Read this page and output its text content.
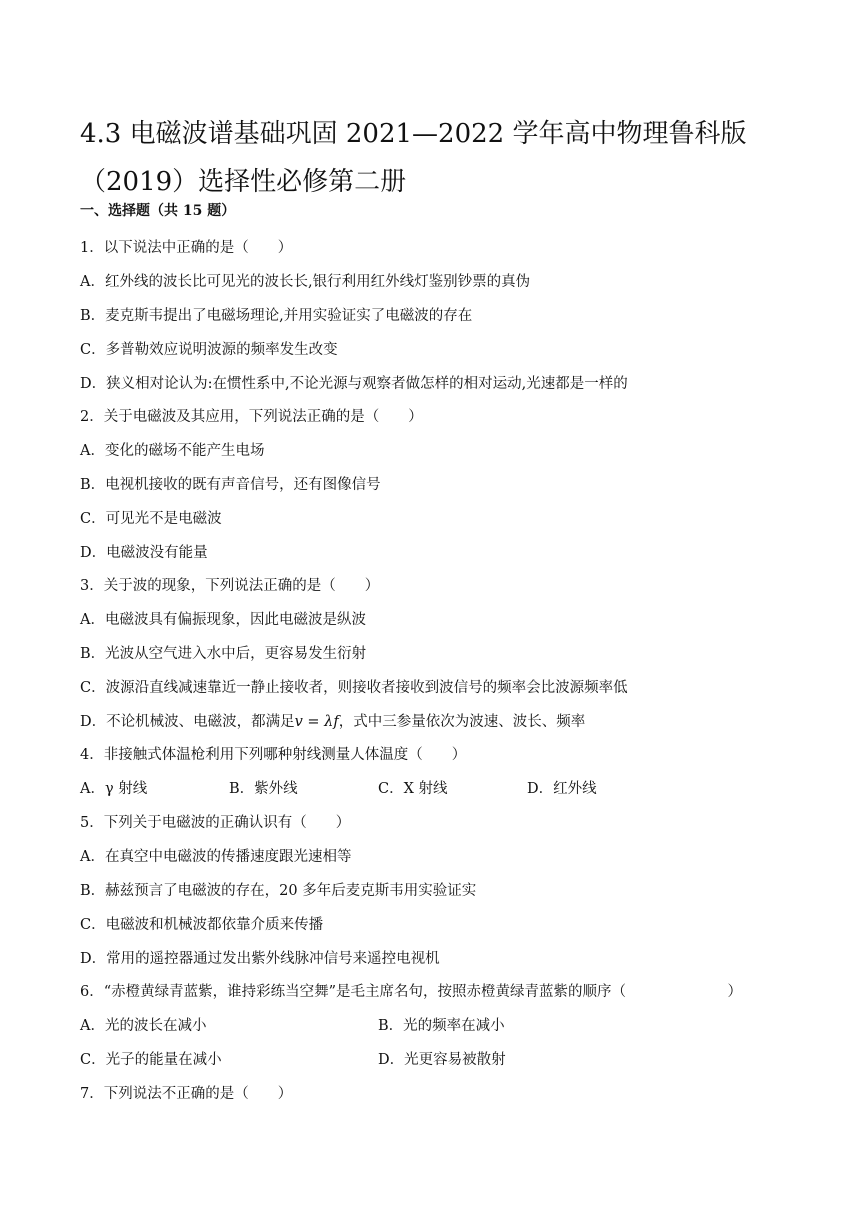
4.3 电磁波谱基础巩固 2021—2022 学年高中物理鲁科版（2019）选择性必修第二册
一、选择题（共 15 题）
1．以下说法中正确的是（　　）
A．红外线的波长比可见光的波长长,银行利用红外线灯鉴别钞票的真伪
B．麦克斯韦提出了电磁场理论,并用实验证实了电磁波的存在
C．多普勒效应说明波源的频率发生改变
D．狭义相对论认为:在惯性系中,不论光源与观察者做怎样的相对运动,光速都是一样的
2．关于电磁波及其应用，下列说法正确的是（　　）
A．变化的磁场不能产生电场
B．电视机接收的既有声音信号，还有图像信号
C．可见光不是电磁波
D．电磁波没有能量
3．关于波的现象，下列说法正确的是（　　）
A．电磁波具有偏振现象，因此电磁波是纵波
B．光波从空气进入水中后，更容易发生衍射
C．波源沿直线减速靠近一静止接收者，则接收者接收到波信号的频率会比波源频率低
D．不论机械波、电磁波，都满足v = λf，式中三参量依次为波速、波长、频率
4．非接触式体温枪利用下列哪种射线测量人体温度（　　）
A．γ 射线	B．紫外线	C．X 射线	D．红外线
5．下列关于电磁波的正确认识有（　　）
A．在真空中电磁波的传播速度跟光速相等
B．赫兹预言了电磁波的存在，20 多年后麦克斯韦用实验证实
C．电磁波和机械波都依靠介质来传播
D．常用的遥控器通过发出紫外线脉冲信号来遥控电视机
6．“赤橙黄绿青蓝紫，谁持彩练当空舞”是毛主席名句，按照赤橙黄绿青蓝紫的顺序（　　　　　　　）
A．光的波长在减小	B．光的频率在减小
C．光子的能量在减小	D．光更容易被散射
7．下列说法不正确的是（　　）
